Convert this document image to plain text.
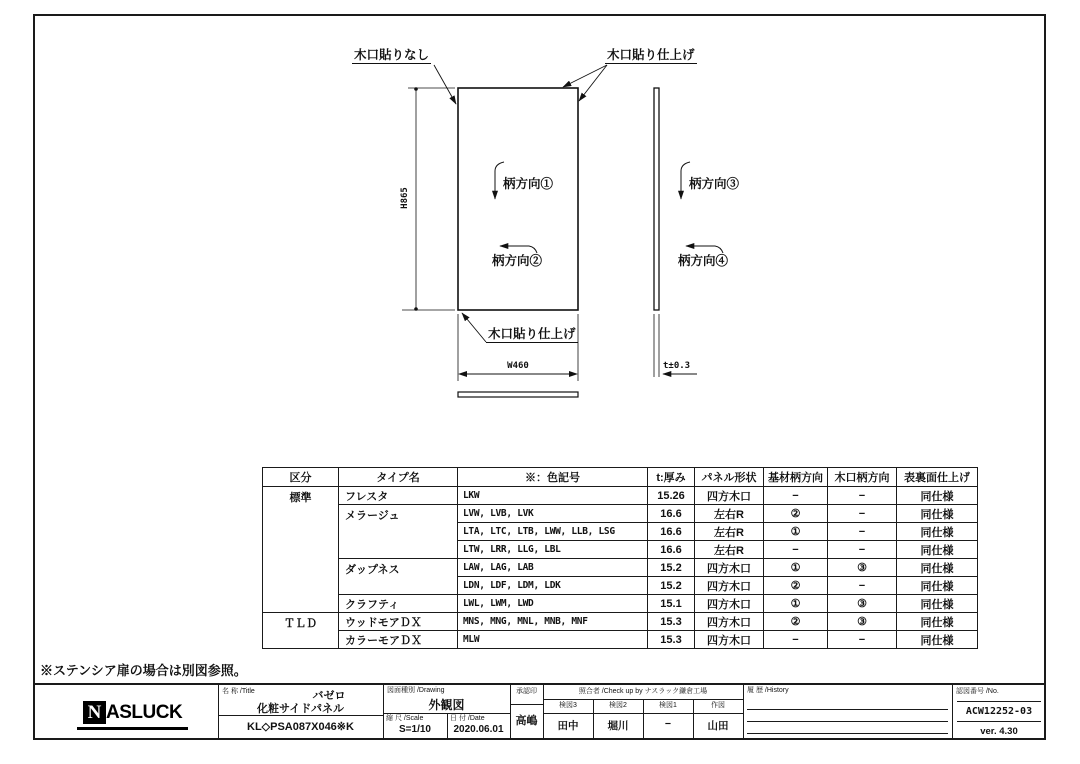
木口貼りなし	木口貼り仕上げ
柄方向①	柄方向③
柄方向②	柄方向④
木口貼り仕上げ
H865
W460	t±0.3
区分	タイプ名	※：色記号	t:厚み	パネル形状	基材柄方向	木口柄方向	表裏面仕上げ
標準	フレスタ	LKW	15.26	四方木口	−	−	同仕様
	メラージュ	LVW, LVB, LVK	16.6	左右R	②	−	同仕様
		LTA, LTC, LTB, LWW, LLB, LSG	16.6	左右R	①	−	同仕様
		LTW, LRR, LLG, LBL	16.6	左右R	−	−	同仕様
	ダップネス	LAW, LAG, LAB	15.2	四方木口	①	③	同仕様
		LDN, LDF, LDM, LDK	15.2	四方木口	②	−	同仕様
	クラフティ	LWL, LWM, LWD	15.1	四方木口	①	③	同仕様
ＴＬＤ	ウッドモアＤＸ	MNS, MNG, MNL, MNB, MNF	15.3	四方木口	②	③	同仕様
	カラーモアＤＸ	MLW	15.3	四方木口	−	−	同仕様
※ステンシア扉の場合は別図参照。
N ASLUCK
名 称 /Title	バゼロ
化粧サイドパネル
KL◇PSA087X046※K
図面種別 /Drawing
外観図
縮 尺 /Scale
S=1/10
日 付 /Date
2020.06.01
承認印
高嶋
照合者 /Check up by ナスラック鎌倉工場
検図3	検図2	検図1	作図
田中	堀川	−	山田
履 歴 /History	認図番号 /No.
ACW12252-03
ver. 4.30
